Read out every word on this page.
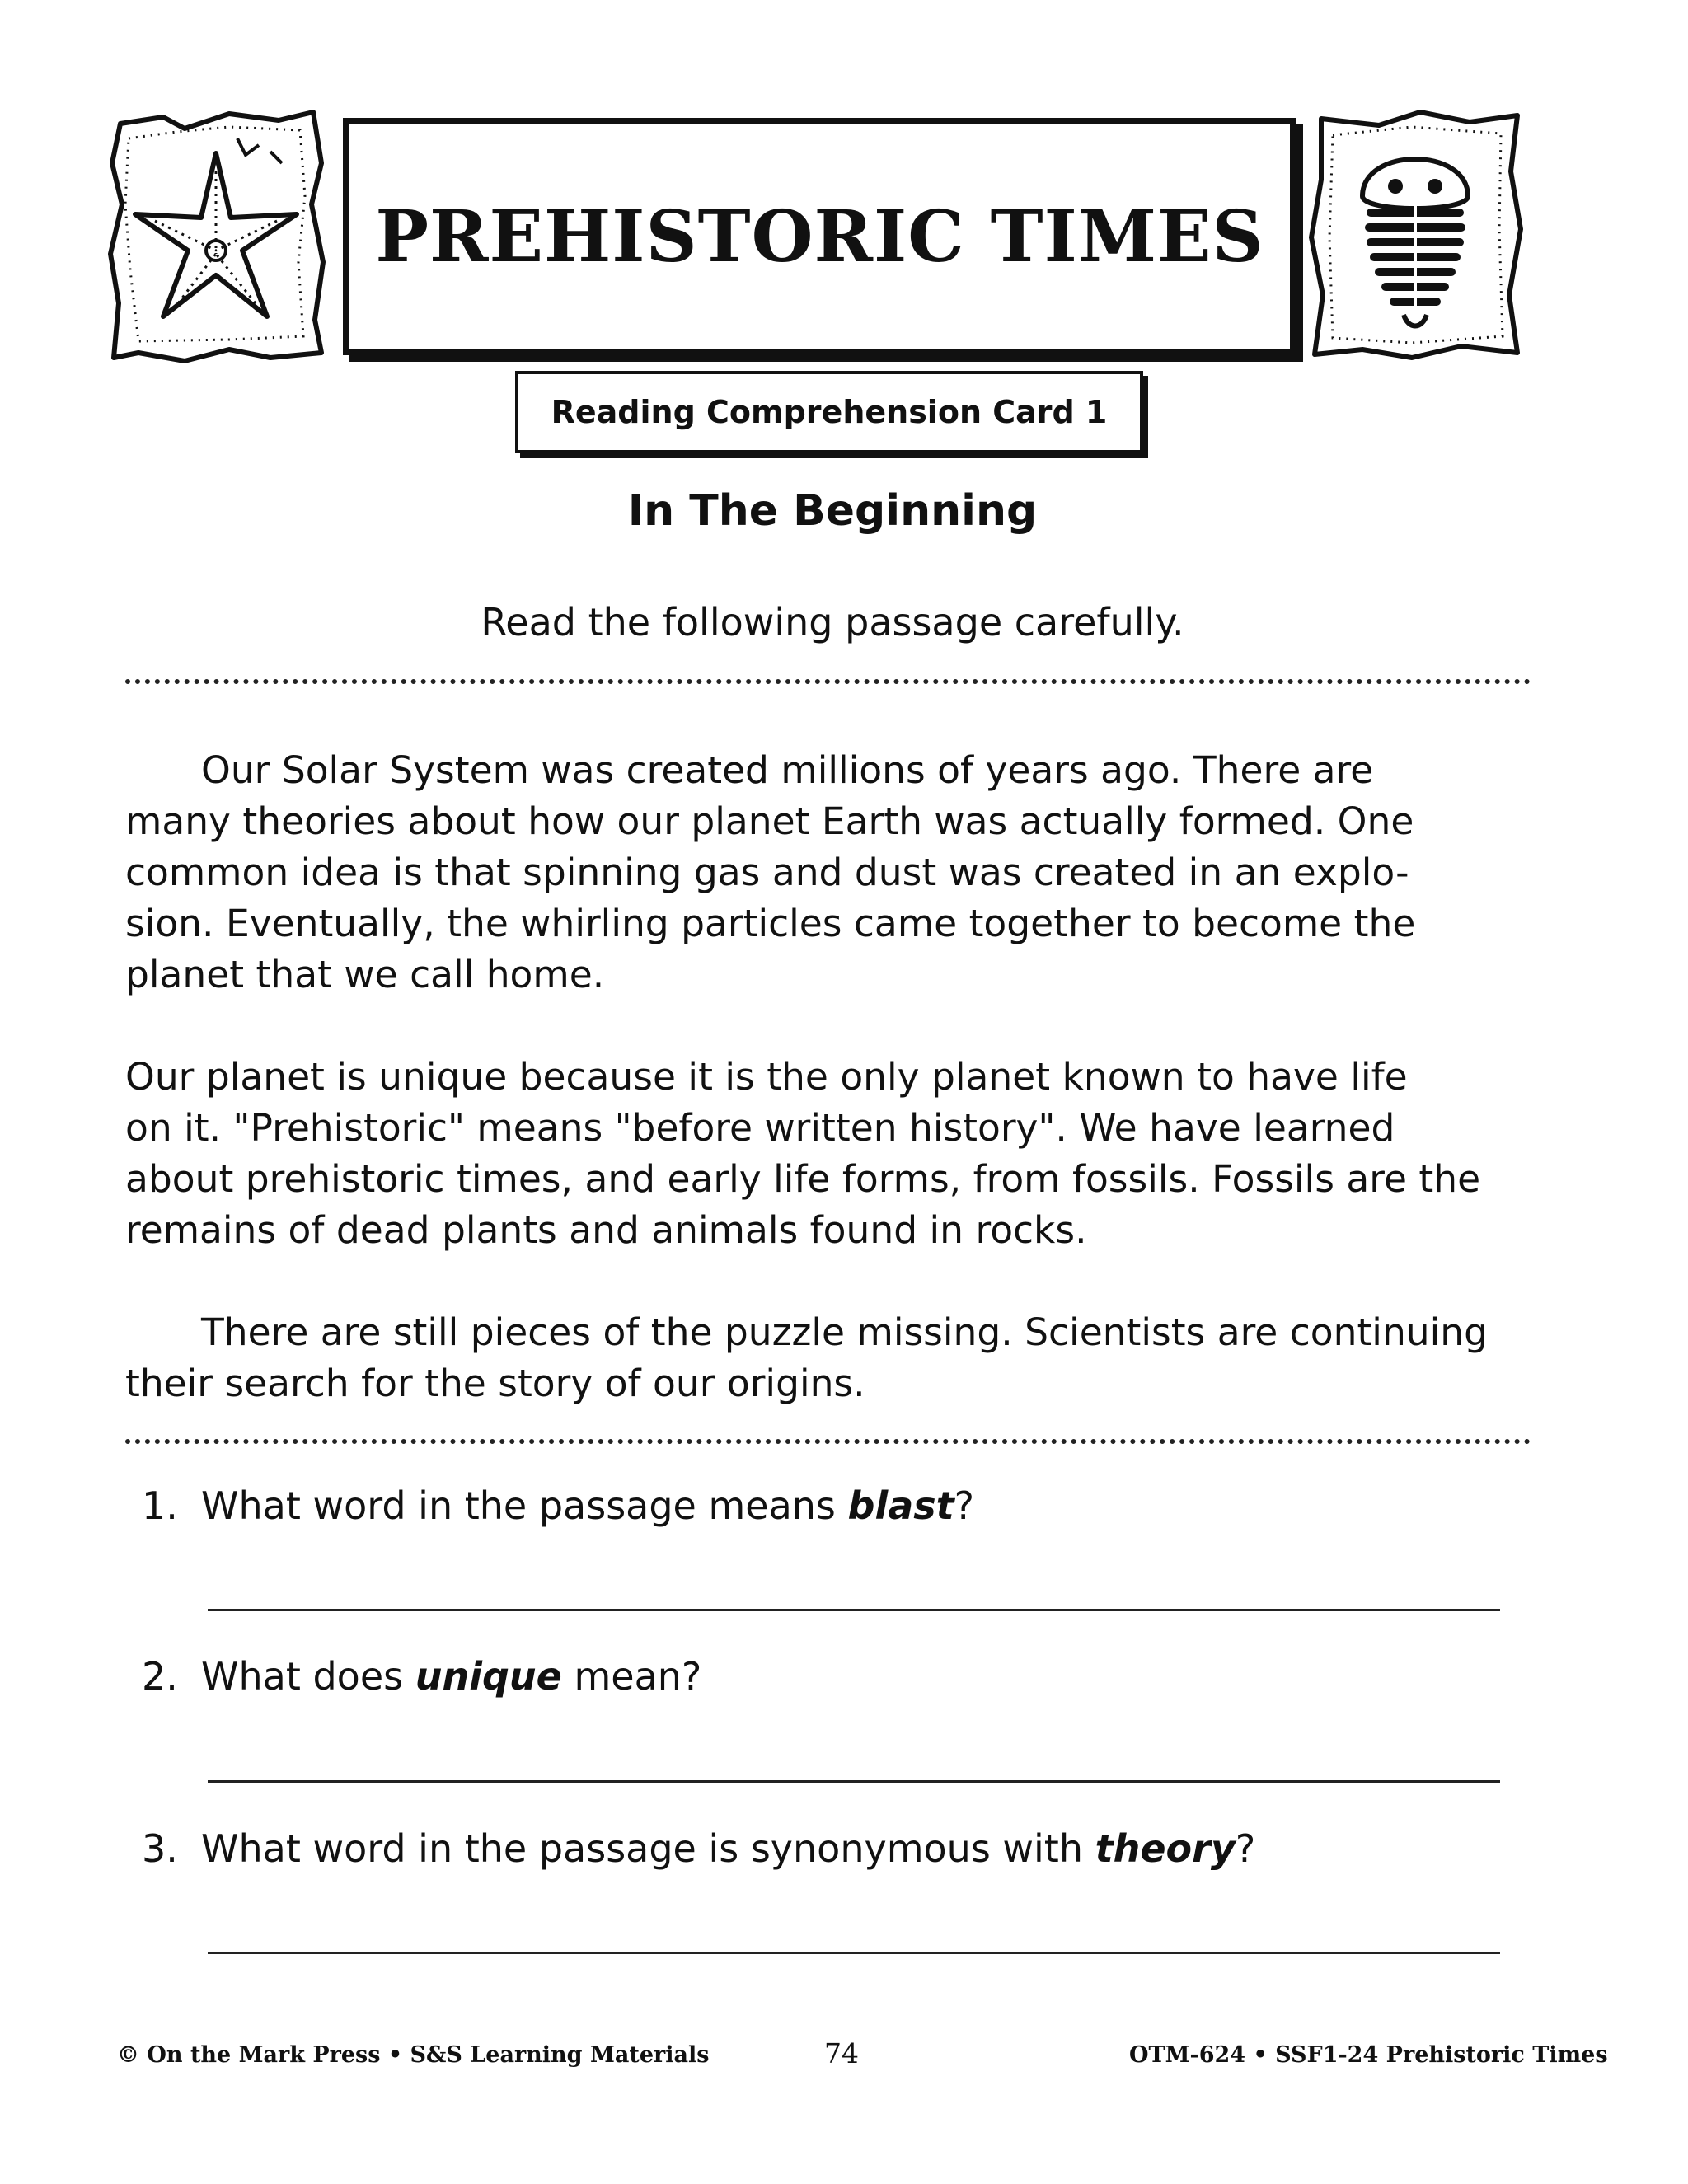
PREHISTORIC TIMES
Reading Comprehension Card 1
In The Beginning
Read the following passage carefully.

Our Solar System was created millions of years ago. There are
many theories about how our planet Earth was actually formed. One
common idea is that spinning gas and dust was created in an explo-
sion. Eventually, the whirling particles came together to become the
planet that we call home.

Our planet is unique because it is the only planet known to have life
on it. "Prehistoric" means "before written history". We have learned
about prehistoric times, and early life forms, from fossils. Fossils are the
remains of dead plants and animals found in rocks.

There are still pieces of the puzzle missing. Scientists are continuing
their search for the story of our origins.

1. What word in the passage means blast?
2. What does unique mean?
3. What word in the passage is synonymous with theory?
© On the Mark Press • S&S Learning Materials	74	OTM-624 • SSF1-24 Prehistoric Times
